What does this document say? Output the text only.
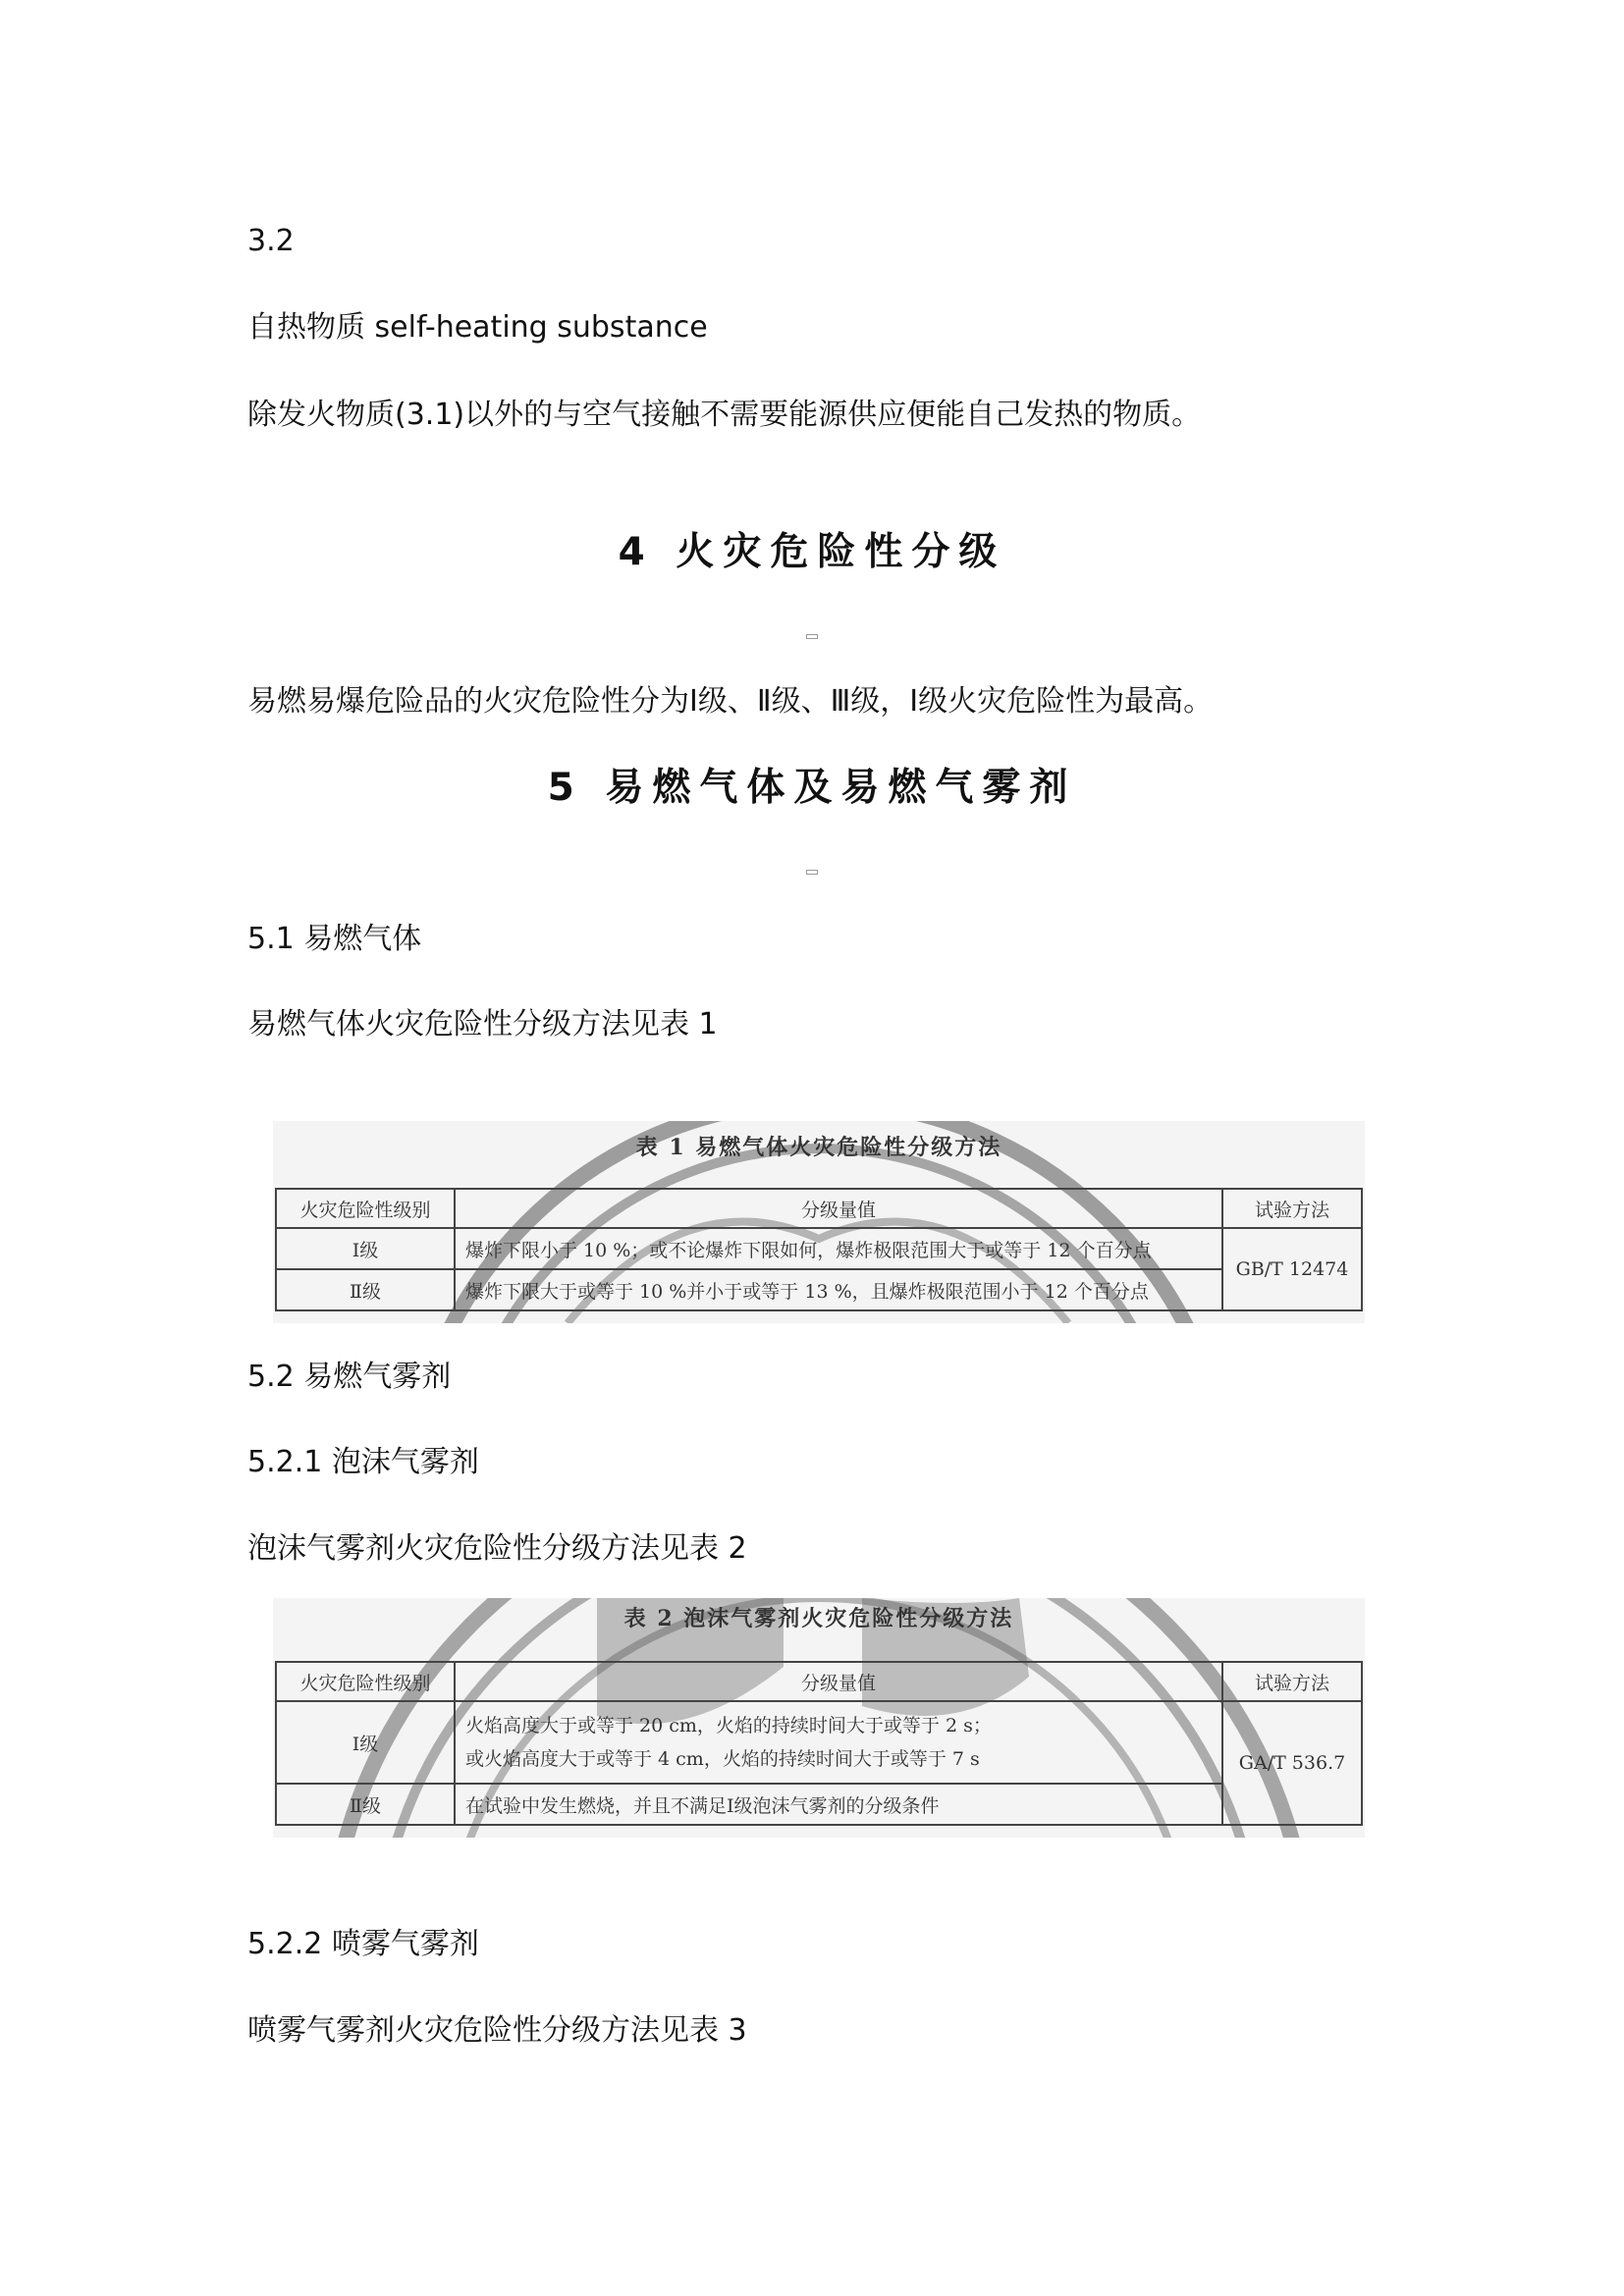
3.2

自热物质 self-heating substance

除发火物质(3.1)以外的与空气接触不需要能源供应便能自己发热的物质。

4 火灾危险性分级

易燃易爆危险品的火灾危险性分为Ⅰ级、Ⅱ级、Ⅲ级，Ⅰ级火灾危险性为最高。

5 易燃气体及易燃气雾剂

5.1 易燃气体

易燃气体火灾危险性分级方法见表 1

表 1 易燃气体火灾危险性分级方法
火灾危险性级别	分级量值	试验方法
Ⅰ级	爆炸下限小于 10 %；或不论爆炸下限如何，爆炸极限范围大于或等于 12 个百分点	GB/T 12474
Ⅱ级	爆炸下限大于或等于 10 %并小于或等于 13 %，且爆炸极限范围小于 12 个百分点	

5.2 易燃气雾剂

5.2.1 泡沫气雾剂

泡沫气雾剂火灾危险性分级方法见表 2

表 2 泡沫气雾剂火灾危险性分级方法
火灾危险性级别	分级量值	试验方法
Ⅰ级	火焰高度大于或等于 20 cm，火焰的持续时间大于或等于 2 s；
或火焰高度大于或等于 4 cm，火焰的持续时间大于或等于 7 s	GA/T 536.7
Ⅱ级	在试验中发生燃烧，并且不满足Ⅰ级泡沫气雾剂的分级条件	

5.2.2 喷雾气雾剂

喷雾气雾剂火灾危险性分级方法见表 3
